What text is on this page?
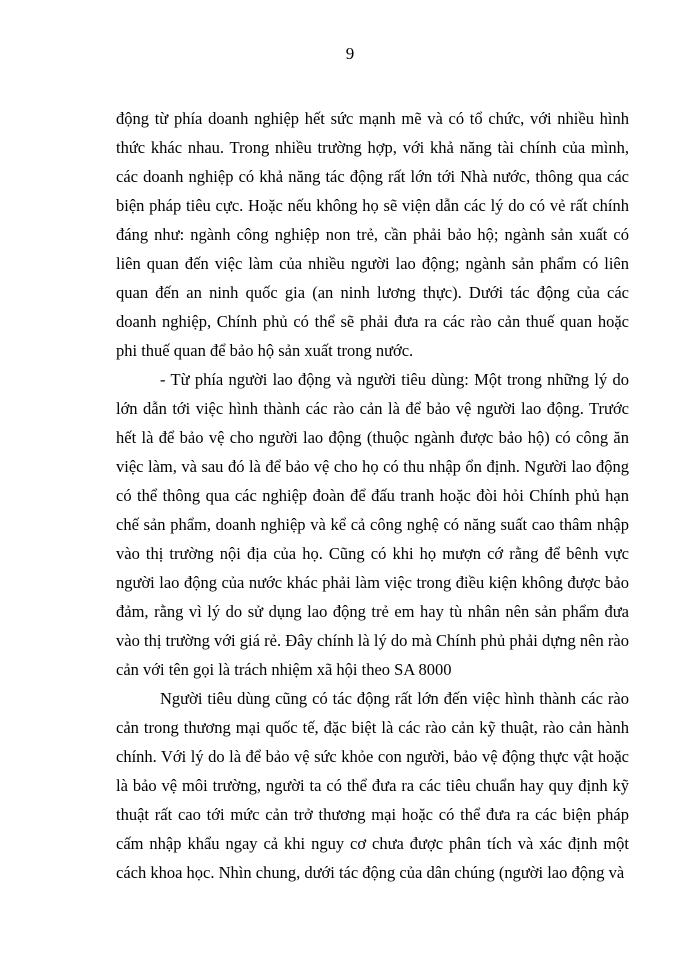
9

động từ phía doanh nghiệp hết sức mạnh mẽ và có tổ chức, với nhiều hình thức khác nhau. Trong nhiều trường hợp, với khả năng tài chính của mình, các doanh nghiệp có khả năng tác động rất lớn tới Nhà nước, thông qua các biện pháp tiêu cực. Hoặc nếu không họ sẽ viện dẫn các lý do có vẻ rất chính đáng như: ngành công nghiệp non trẻ, cần phải bảo hộ; ngành sản xuất có liên quan đến việc làm của nhiều người lao động; ngành sản phẩm có liên quan đến an ninh quốc gia (an ninh lương thực). Dưới tác động của các doanh nghiệp, Chính phủ có thể sẽ phải đưa ra các rào cản thuế quan hoặc phi thuế quan để bảo hộ sản xuất trong nước.

- Từ phía người lao động và người tiêu dùng: Một trong những lý do lớn dẫn tới việc hình thành các rào cản là để bảo vệ người lao động. Trước hết là để bảo vệ cho người lao động (thuộc ngành được bảo hộ) có công ăn việc làm, và sau đó là để bảo vệ cho họ có thu nhập ổn định. Người lao động có thể thông qua các nghiệp đoàn để đấu tranh hoặc đòi hỏi Chính phủ hạn chế sản phẩm, doanh nghiệp và kể cả công nghệ có năng suất cao thâm nhập vào thị trường nội địa của họ. Cũng có khi họ mượn cớ rằng để bênh vực người lao động của nước khác phải làm việc trong điều kiện không được bảo đảm, rằng vì lý do sử dụng lao động trẻ em hay tù nhân nên sản phẩm đưa vào thị trường với giá rẻ. Đây chính là lý do mà Chính phủ phải dựng nên rào cản với tên gọi là trách nhiệm xã hội theo SA 8000

Người tiêu dùng cũng có tác động rất lớn đến việc hình thành các rào cản trong thương mại quốc tế, đặc biệt là các rào cản kỹ thuật, rào cản hành chính. Với lý do là để bảo vệ sức khỏe con người, bảo vệ động thực vật hoặc là bảo vệ môi trường, người ta có thể đưa ra các tiêu chuẩn hay quy định kỹ thuật rất cao tới mức cản trở thương mại hoặc có thể đưa ra các biện pháp cấm nhập khẩu ngay cả khi nguy cơ chưa được phân tích và xác định một cách khoa học. Nhìn chung, dưới tác động của dân chúng (người lao động và
